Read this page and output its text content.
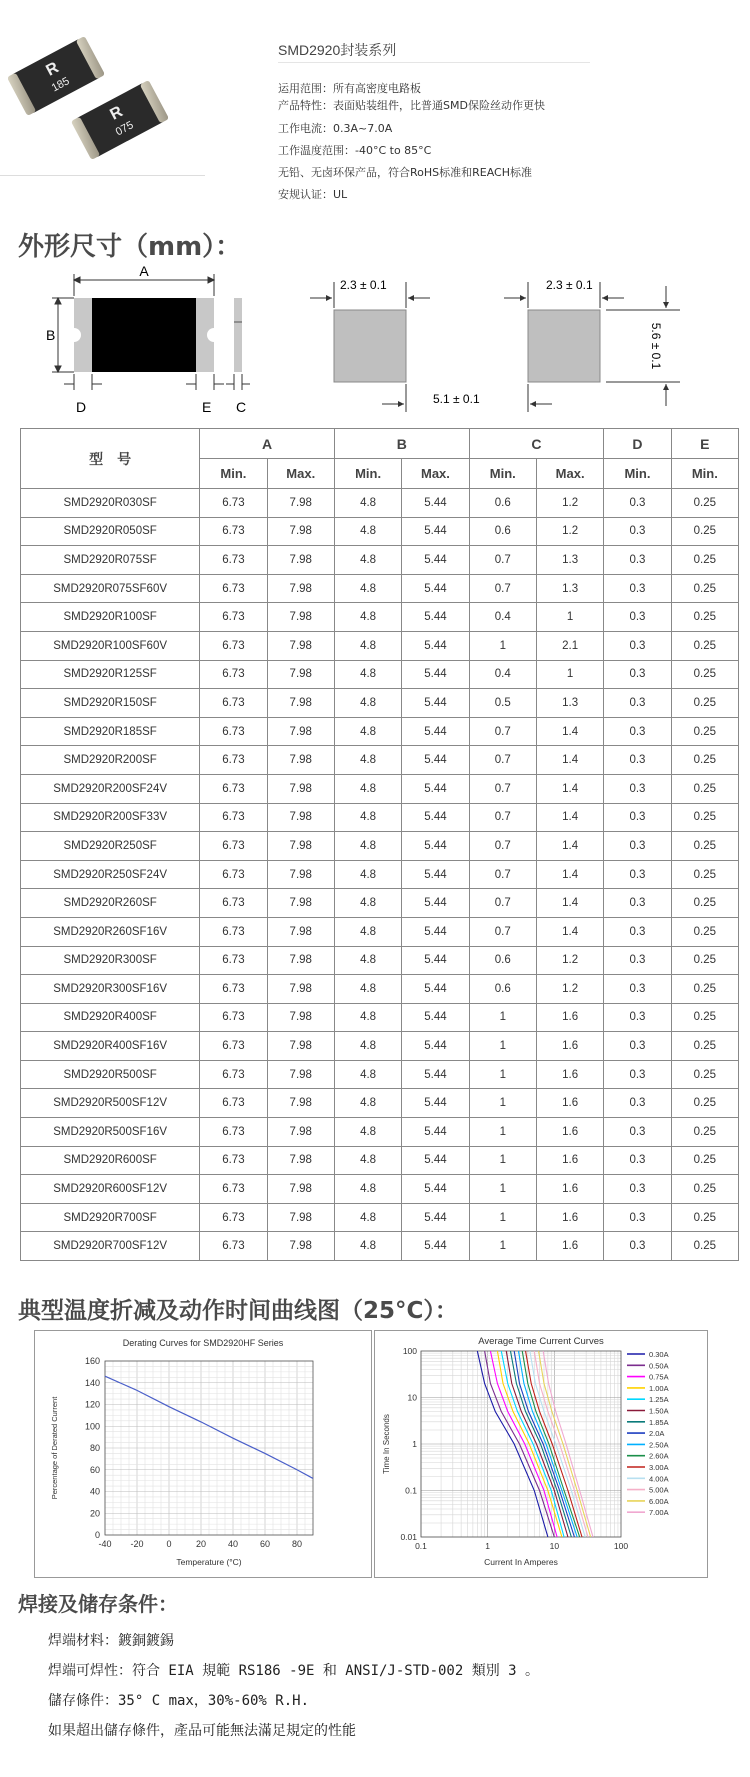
R
185
R
075
SMD2920封装系列
运用范围：所有高密度电路板
产品特性：表面贴装组件，比普通SMD保险丝动作更快
工作电流：0.3A~7.0A
工作温度范围：-40°C to 85°C
无铅、无卤环保产品，符合RoHS标准和REACH标准
安规认证：UL
外形尺寸（mm）：
A
B
D	E C
2.3 ± 0.1	2.3 ± 0.1
5.1 ± 0.1
5.6 ± 0.1
型　号	A		B		C		D	E
	Min.	Max.	Min.	Max.	Min.	Max.	Min.	Min.
SMD2920R030SF	6.73	7.98	4.8	5.44	0.6	1.2	0.3	0.25
SMD2920R050SF	6.73	7.98	4.8	5.44	0.6	1.2	0.3	0.25
SMD2920R075SF	6.73	7.98	4.8	5.44	0.7	1.3	0.3	0.25
SMD2920R075SF60V	6.73	7.98	4.8	5.44	0.7	1.3	0.3	0.25
SMD2920R100SF	6.73	7.98	4.8	5.44	0.4	1	0.3	0.25
SMD2920R100SF60V	6.73	7.98	4.8	5.44	1	2.1	0.3	0.25
SMD2920R125SF	6.73	7.98	4.8	5.44	0.4	1	0.3	0.25
SMD2920R150SF	6.73	7.98	4.8	5.44	0.5	1.3	0.3	0.25
SMD2920R185SF	6.73	7.98	4.8	5.44	0.7	1.4	0.3	0.25
SMD2920R200SF	6.73	7.98	4.8	5.44	0.7	1.4	0.3	0.25
SMD2920R200SF24V	6.73	7.98	4.8	5.44	0.7	1.4	0.3	0.25
SMD2920R200SF33V	6.73	7.98	4.8	5.44	0.7	1.4	0.3	0.25
SMD2920R250SF	6.73	7.98	4.8	5.44	0.7	1.4	0.3	0.25
SMD2920R250SF24V	6.73	7.98	4.8	5.44	0.7	1.4	0.3	0.25
SMD2920R260SF	6.73	7.98	4.8	5.44	0.7	1.4	0.3	0.25
SMD2920R260SF16V	6.73	7.98	4.8	5.44	0.7	1.4	0.3	0.25
SMD2920R300SF	6.73	7.98	4.8	5.44	0.6	1.2	0.3	0.25
SMD2920R300SF16V	6.73	7.98	4.8	5.44	0.6	1.2	0.3	0.25
SMD2920R400SF	6.73	7.98	4.8	5.44	1	1.6	0.3	0.25
SMD2920R400SF16V	6.73	7.98	4.8	5.44	1	1.6	0.3	0.25
SMD2920R500SF	6.73	7.98	4.8	5.44	1	1.6	0.3	0.25
SMD2920R500SF12V	6.73	7.98	4.8	5.44	1	1.6	0.3	0.25
SMD2920R500SF16V	6.73	7.98	4.8	5.44	1	1.6	0.3	0.25
SMD2920R600SF	6.73	7.98	4.8	5.44	1	1.6	0.3	0.25
SMD2920R600SF12V	6.73	7.98	4.8	5.44	1	1.6	0.3	0.25
SMD2920R700SF	6.73	7.98	4.8	5.44	1	1.6	0.3	0.25
SMD2920R700SF12V	6.73	7.98	4.8	5.44	1	1.6	0.3	0.25
典型温度折减及动作时间曲线图（25°C）：
Derating Curves for SMD2920HF Series
-40 -20	0	20 40 60 80
0
20
40
60
80
100
120
140
160
Temperature (°C)
Percentage of Derated Current
Average Time Current Curves
0.1	1	10	100
0.01
0.1
1
10
100
Current In Amperes
Time In Seconds
0.30A
0.50A
0.75A
1.00A
1.25A
1.50A
1.85A
2.0A
2.50A
2.60A
3.00A
4.00A
5.00A
6.00A
7.00A
焊接及储存条件：
焊端材料：鍍銅鍍錫
焊端可焊性：符合 EIA 規範 RS186 -9E 和 ANSI/J-STD-002 類別 3 。
儲存條件：35° C max，30%-60% R.H.
如果超出儲存條件，產品可能無法滿足規定的性能
